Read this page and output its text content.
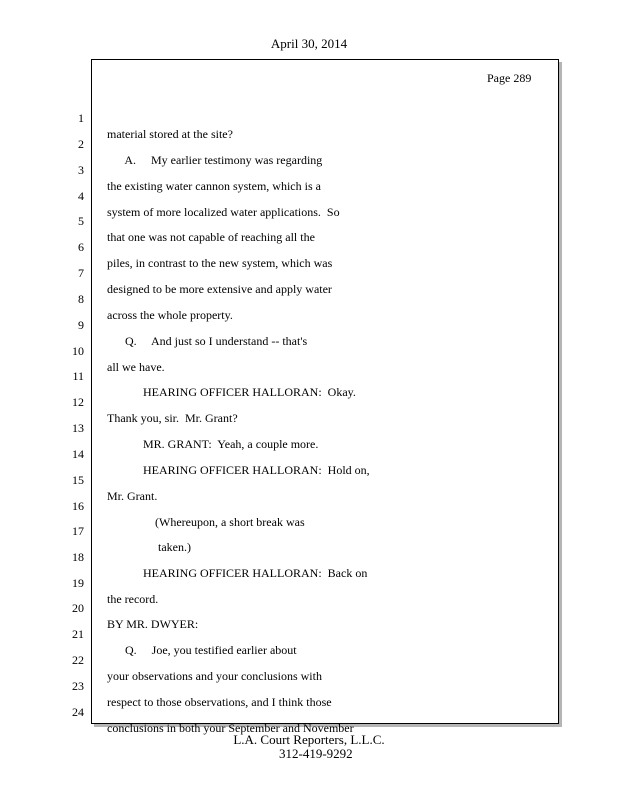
April 30, 2014
Page 289

1

material stored at the site?

2

A.     My earlier testimony was regarding

3

the existing water cannon system, which is a

4

system of more localized water applications.  So

5

that one was not capable of reaching all the

6

piles, in contrast to the new system, which was

7

designed to be more extensive and apply water

8

across the whole property.

9

Q.     And just so I understand -- that's

10

all we have.

11

HEARING OFFICER HALLORAN:  Okay.

12

Thank you, sir.  Mr. Grant?

13

MR. GRANT:  Yeah, a couple more.

14

HEARING OFFICER HALLORAN:  Hold on,

15

Mr. Grant.

16

(Whereupon, a short break was

17

taken.)

18

HEARING OFFICER HALLORAN:  Back on

19

the record.

20

BY MR. DWYER:

21

Q.     Joe, you testified earlier about

22

your observations and your conclusions with

23

respect to those observations, and I think those

24

conclusions in both your September and November

L.A. Court Reporters, L.L.C.
312-419-9292
